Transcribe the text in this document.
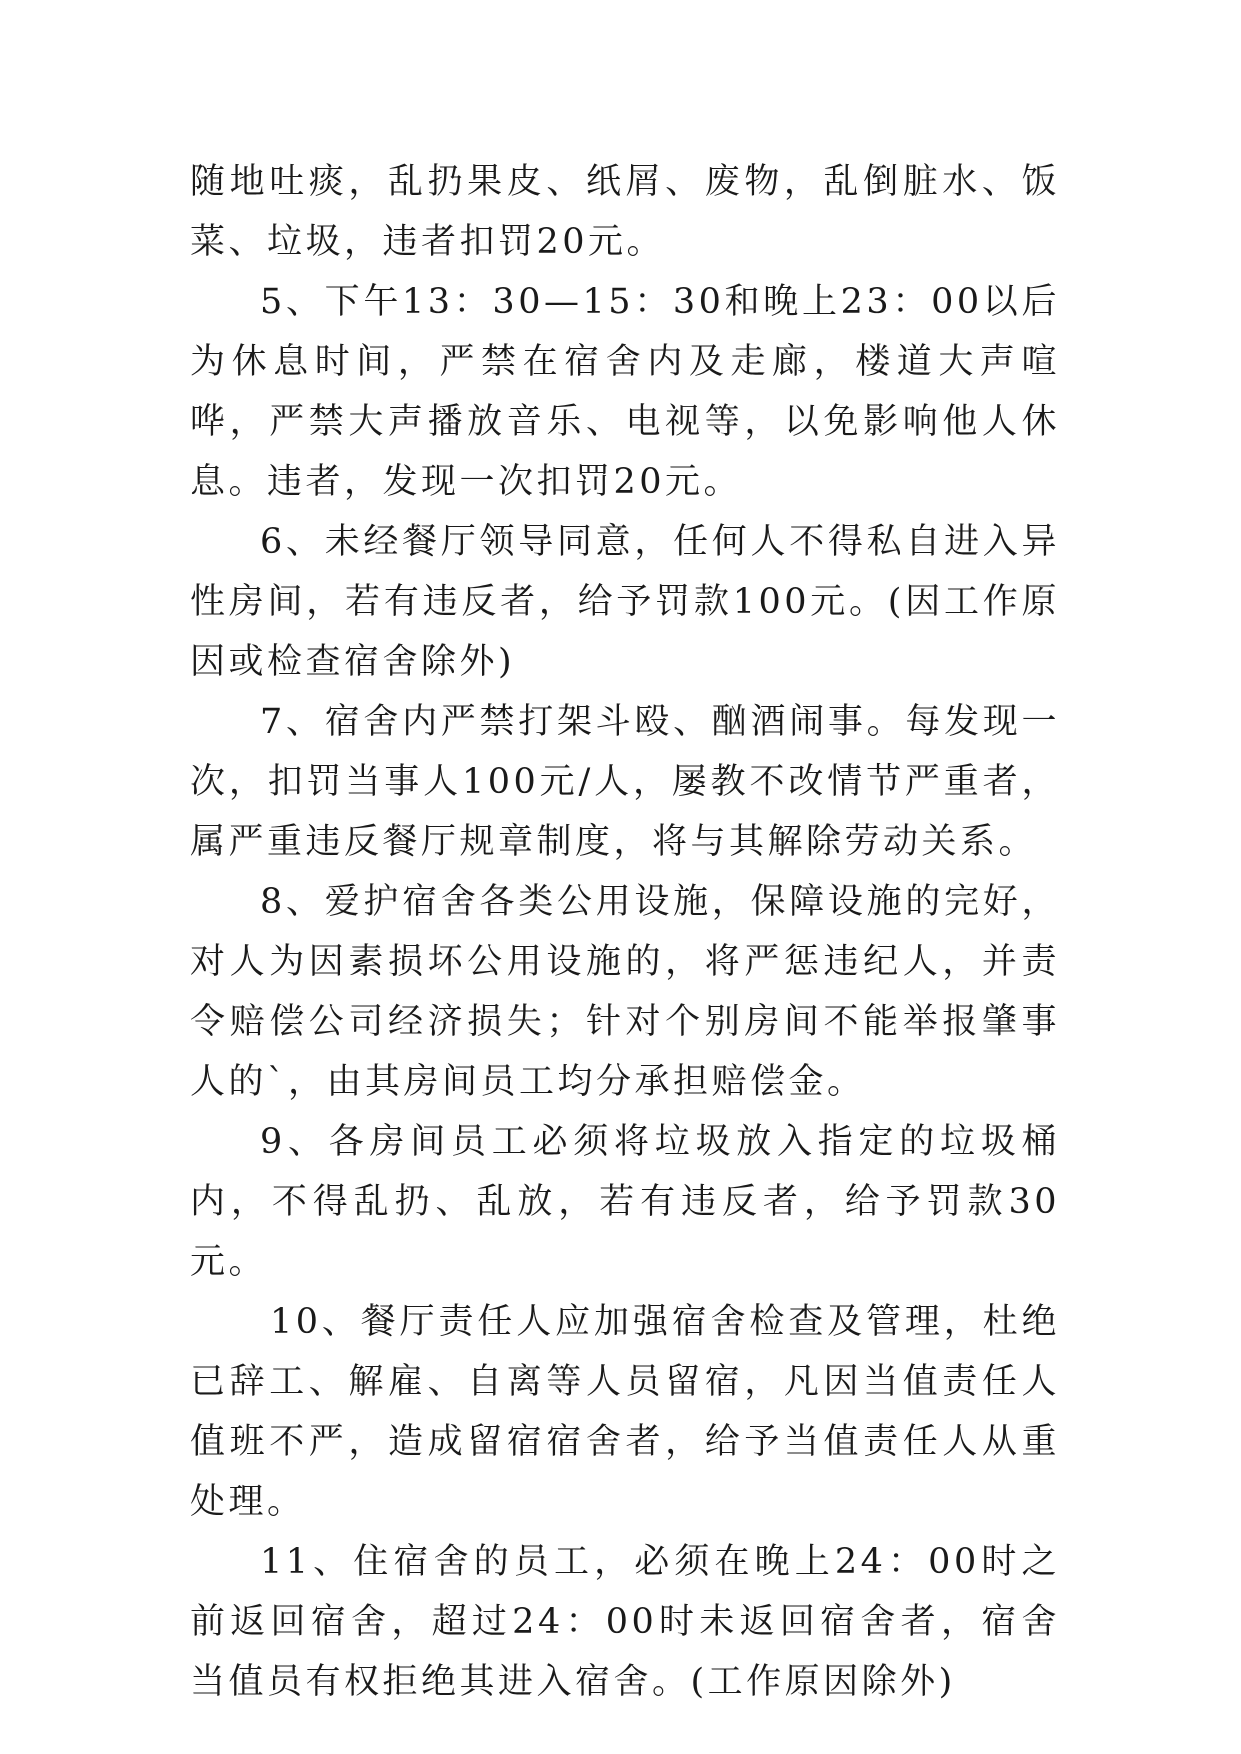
随地吐痰，乱扔果皮、纸屑、废物，乱倒脏水、饭菜、垃圾，违者扣罚20元。

5、下午13：30—15：30和晚上23：00以后为休息时间，严禁在宿舍内及走廊，楼道大声喧哗，严禁大声播放音乐、电视等，以免影响他人休息。违者，发现一次扣罚20元。

6、未经餐厅领导同意，任何人不得私自进入异性房间，若有违反者，给予罚款100元。(因工作原因或检查宿舍除外)

7、宿舍内严禁打架斗殴、酗酒闹事。每发现一次，扣罚当事人100元/人，屡教不改情节严重者，属严重违反餐厅规章制度，将与其解除劳动关系。

8、爱护宿舍各类公用设施，保障设施的完好，对人为因素损坏公用设施的，将严惩违纪人，并责令赔偿公司经济损失；针对个别房间不能举报肇事人的`，由其房间员工均分承担赔偿金。

9、各房间员工必须将垃圾放入指定的垃圾桶内，不得乱扔、乱放，若有违反者，给予罚款30元。

10、餐厅责任人应加强宿舍检查及管理，杜绝已辞工、解雇、自离等人员留宿，凡因当值责任人值班不严，造成留宿宿舍者，给予当值责任人从重处理。

11、住宿舍的员工，必须在晚上24：00时之前返回宿舍，超过24：00时未返回宿舍者，宿舍当值员有权拒绝其进入宿舍。(工作原因除外)
